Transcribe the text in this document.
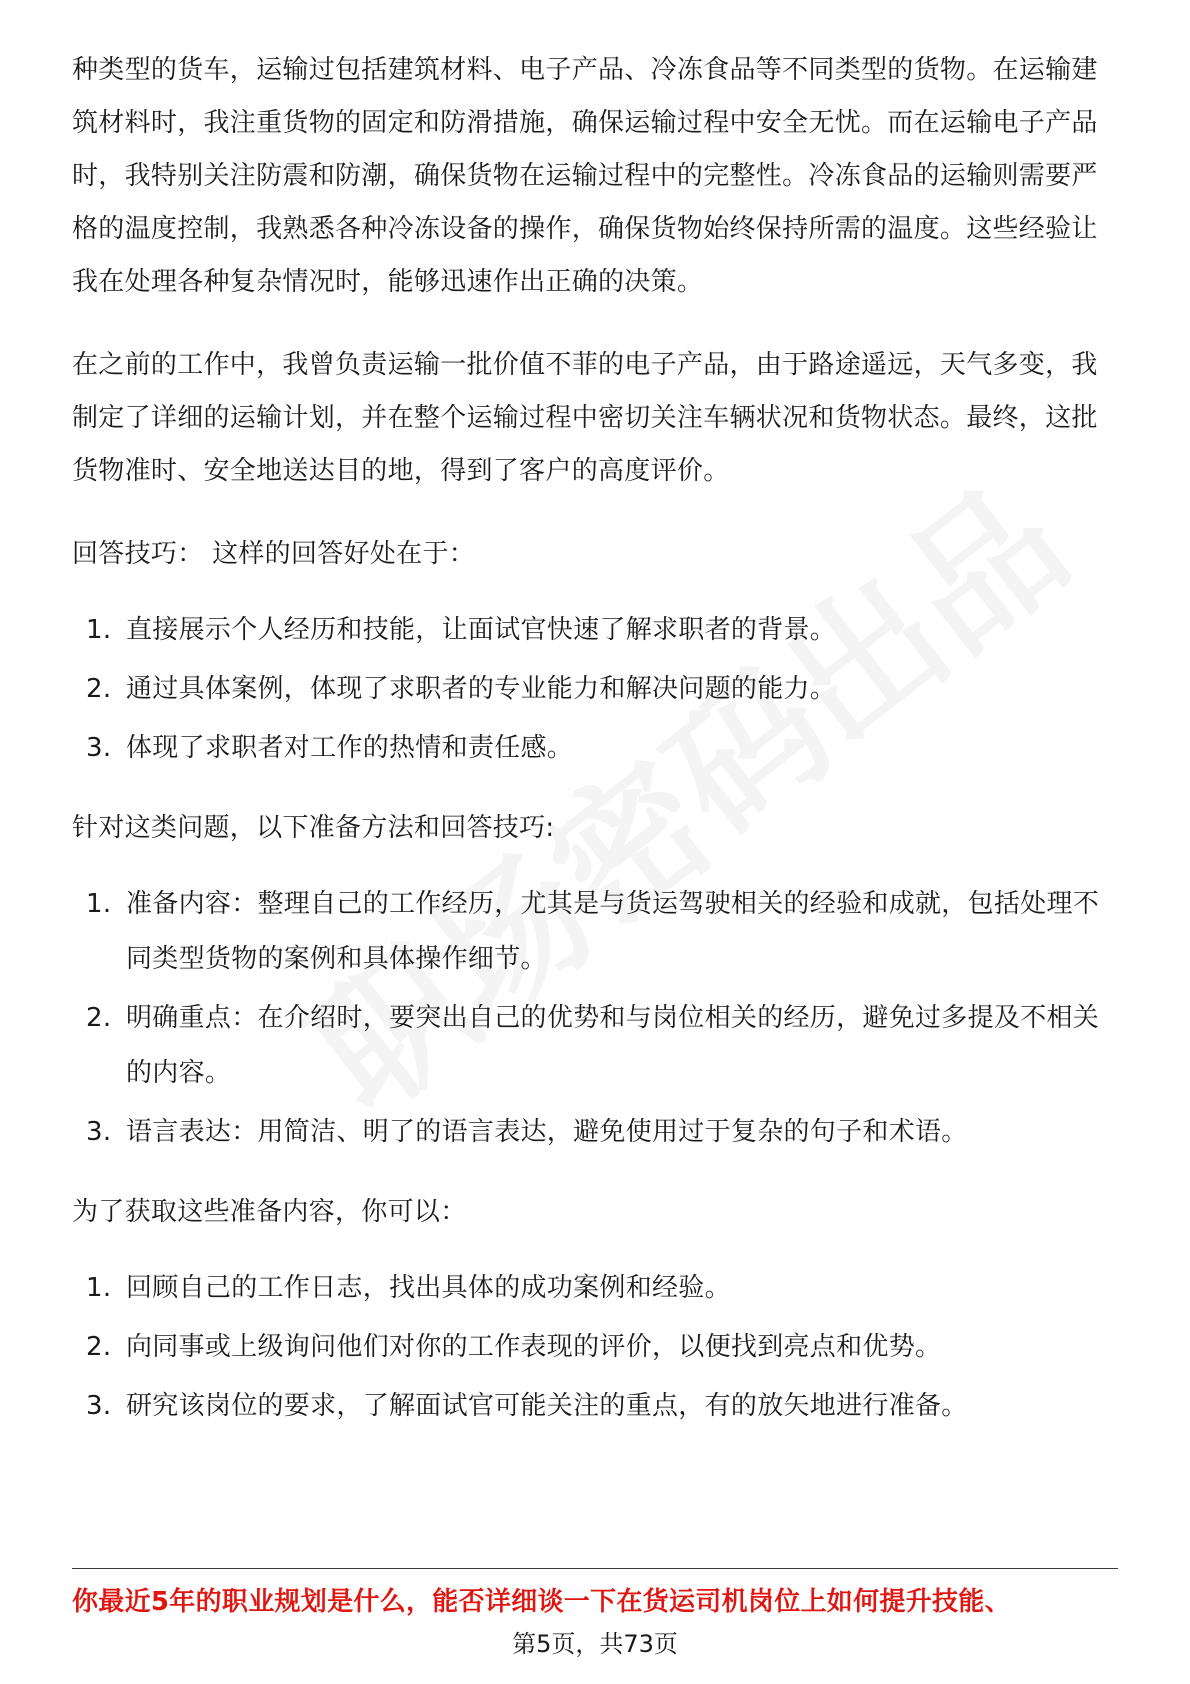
种类型的货车，运输过包括建筑材料、电子产品、冷冻食品等不同类型的货物。在运输建筑材料时，我注重货物的固定和防滑措施，确保运输过程中安全无忧。而在运输电子产品时，我特别关注防震和防潮，确保货物在运输过程中的完整性。冷冻食品的运输则需要严格的温度控制，我熟悉各种冷冻设备的操作，确保货物始终保持所需的温度。这些经验让我在处理各种复杂情况时，能够迅速作出正确的决策。

在之前的工作中，我曾负责运输一批价值不菲的电子产品，由于路途遥远，天气多变，我制定了详细的运输计划，并在整个运输过程中密切关注车辆状况和货物状态。最终，这批货物准时、安全地送达目的地，得到了客户的高度评价。

回答技巧： 这样的回答好处在于：

1. 直接展示个人经历和技能，让面试官快速了解求职者的背景。
2. 通过具体案例，体现了求职者的专业能力和解决问题的能力。
3. 体现了求职者对工作的热情和责任感。

针对这类问题，以下准备方法和回答技巧:

1. 准备内容：整理自己的工作经历，尤其是与货运驾驶相关的经验和成就，包括处理不同类型货物的案例和具体操作细节。
2. 明确重点：在介绍时，要突出自己的优势和与岗位相关的经历，避免过多提及不相关的内容。
3. 语言表达：用简洁、明了的语言表达，避免使用过于复杂的句子和术语。

为了获取这些准备内容，你可以：

1. 回顾自己的工作日志，找出具体的成功案例和经验。
2. 向同事或上级询问他们对你的工作表现的评价，以便找到亮点和优势。
3. 研究该岗位的要求，了解面试官可能关注的重点，有的放矢地进行准备。
你最近5年的职业规划是什么，能否详细谈一下在货运司机岗位上如何提升技能、
第5页，共73页
